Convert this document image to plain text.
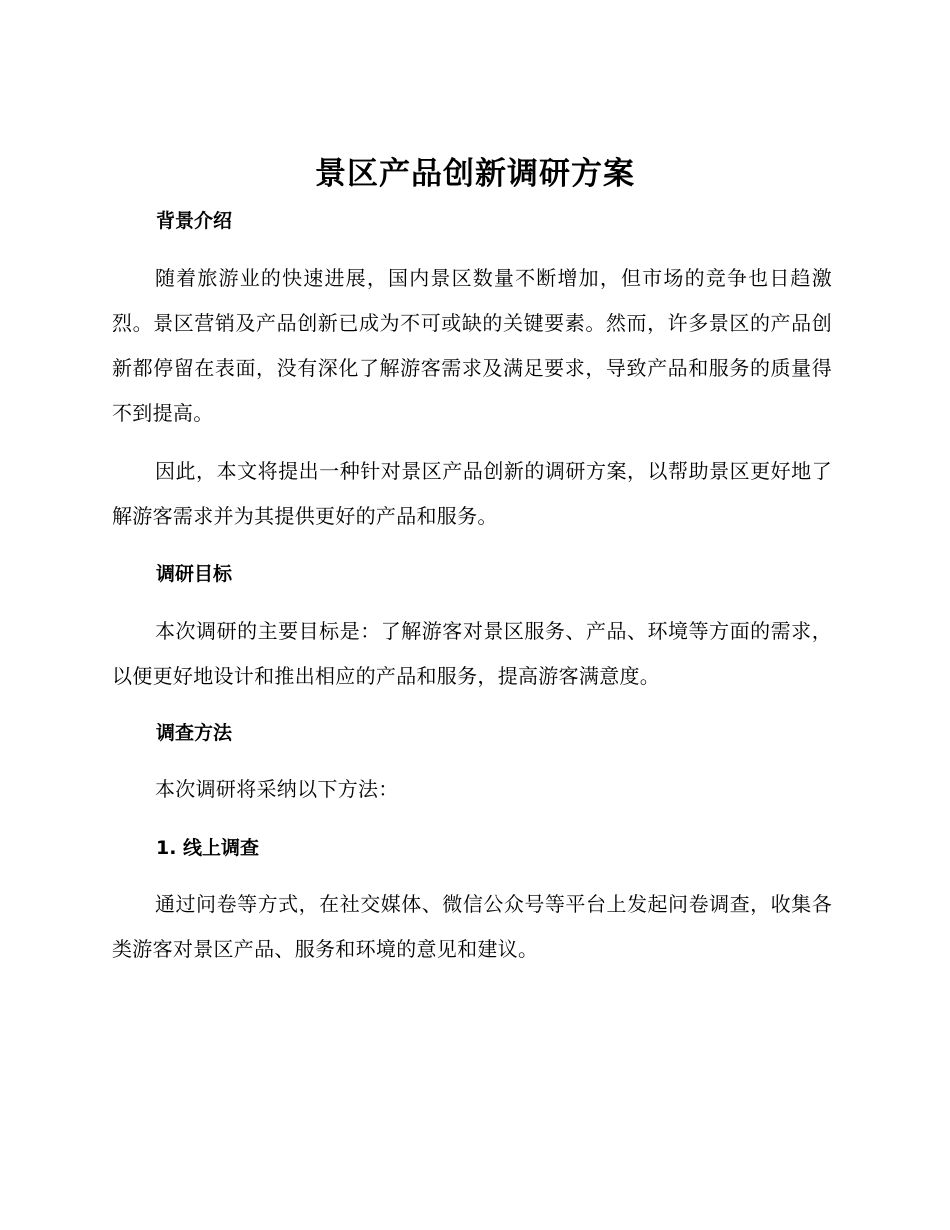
景区产品创新调研方案
背景介绍

随着旅游业的快速进展，国内景区数量不断增加，但市场的竞争也日趋激烈。景区营销及产品创新已成为不可或缺的关键要素。然而，许多景区的产品创新都停留在表面，没有深化了解游客需求及满足要求，导致产品和服务的质量得不到提高。

因此，本文将提出一种针对景区产品创新的调研方案，以帮助景区更好地了解游客需求并为其提供更好的产品和服务。

调研目标

本次调研的主要目标是：了解游客对景区服务、产品、环境等方面的需求，以便更好地设计和推出相应的产品和服务，提高游客满意度。

调查方法

本次调研将采纳以下方法：

1. 线上调查

通过问卷等方式，在社交媒体、微信公众号等平台上发起问卷调查，收集各类游客对景区产品、服务和环境的意见和建议。
